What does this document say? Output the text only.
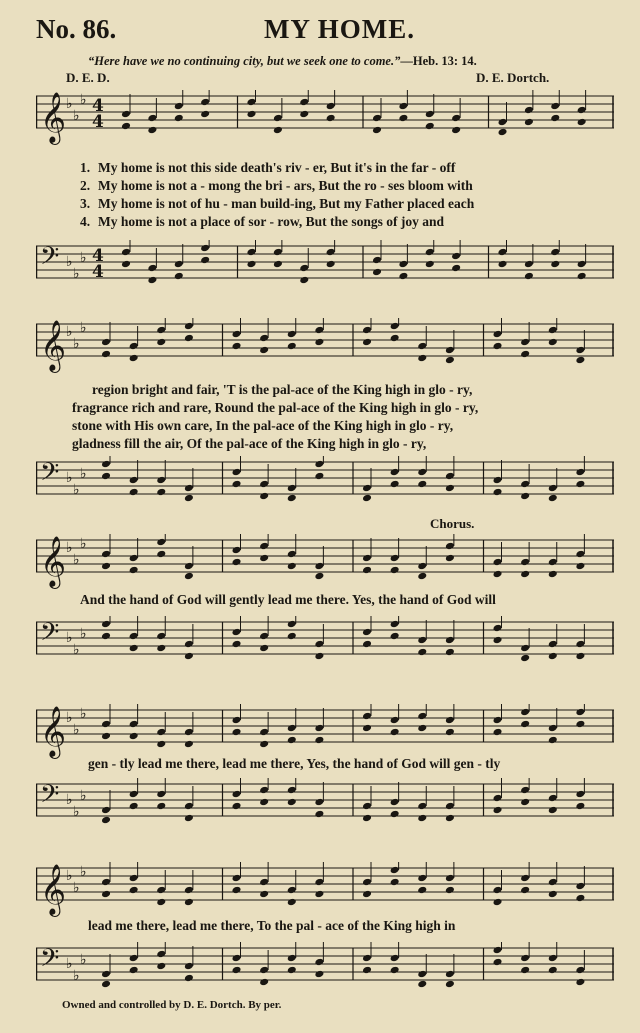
No. 86.	MY HOME.
“Here have we no continuing city, but we seek one to come.”—Heb. 13: 14.
D. E. D.	D. E. Dortch.
𝄞 ♭
♭
♭ 4
4
1. My home is not this side death's riv - er, But it's in the far - off
2. My home is not a - mong the bri - ars, But the ro - ses bloom with
3. My home is not of hu - man build-ing, But my Father placed each
4. My home is not a place of sor - row, But the songs of joy and
𝄢 ♭
♭
♭ 4
4
𝄞 ♭
♭
♭
region bright and fair, 'T is the pal-ace of the King high in glo - ry,
fragrance rich and rare, Round the pal-ace of the King high in glo - ry,
stone with His own care, In the pal-ace of the King high in glo - ry,
gladness fill the air, Of the pal-ace of the King high in glo - ry,
𝄢 ♭
♭
♭
Chorus.
𝄞 ♭
♭
♭
And the hand of God will gently lead me there. Yes, the hand of God will
𝄢 ♭
♭
♭
𝄞 ♭
♭
♭
gen - tly lead me there, lead me there, Yes, the hand of God will gen - tly
𝄢 ♭
♭
♭
𝄞 ♭
♭
♭
lead me there, lead me there, To the pal - ace of the King high in
𝄢 ♭
♭
♭
Owned and controlled by D. E. Dortch. By per.
